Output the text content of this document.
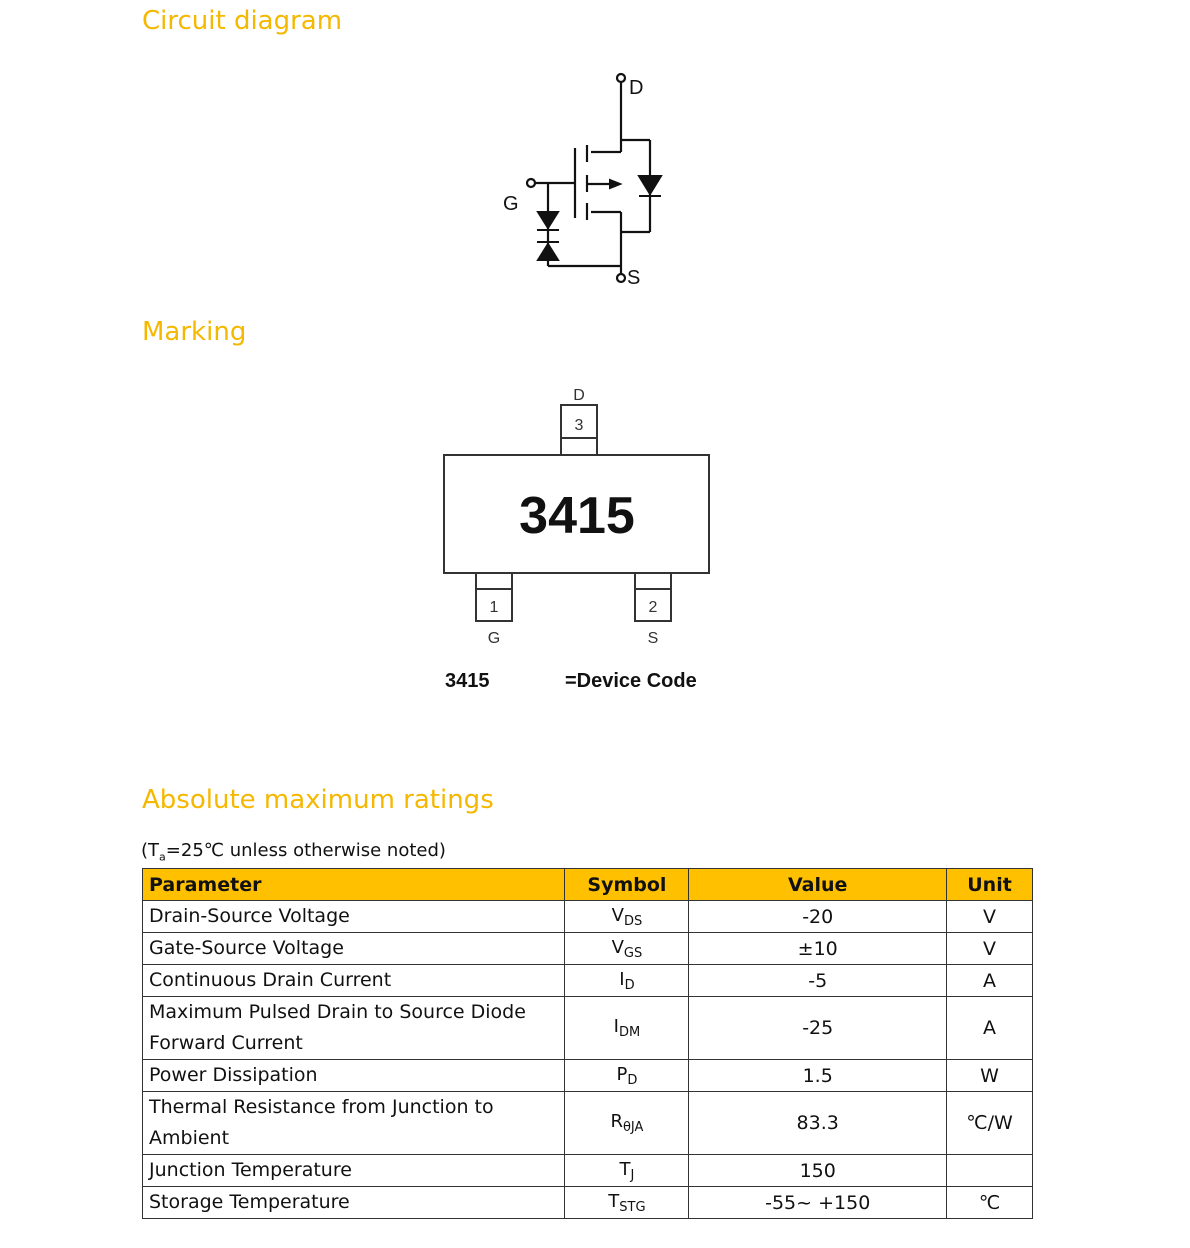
Circuit diagram
D
G
S
Marking
D
3
3415
1
G
2
S
3415	=Device Code
Absolute maximum ratings
($T_a=25℃$ unless otherwise noted)
Parameter	Symbol	Value	Unit
Drain-Source Voltage	$V_{DS}$	-20	V
Gate-Source Voltage	$V_{GS}$	±10	V
Continuous Drain Current	$I_D$	-5	A
Maximum Pulsed Drain to Source Diode Forward Current	$I_{DM}$	-25	A
Power Dissipation	$P_D$	1.5	W
Thermal Resistance from Junction to Ambient	$R_{\theta JA}$	83.3	℃/W
Junction Temperature	$T_J$	150	
Storage Temperature	$T_{STG}$	-55~ +150	℃
